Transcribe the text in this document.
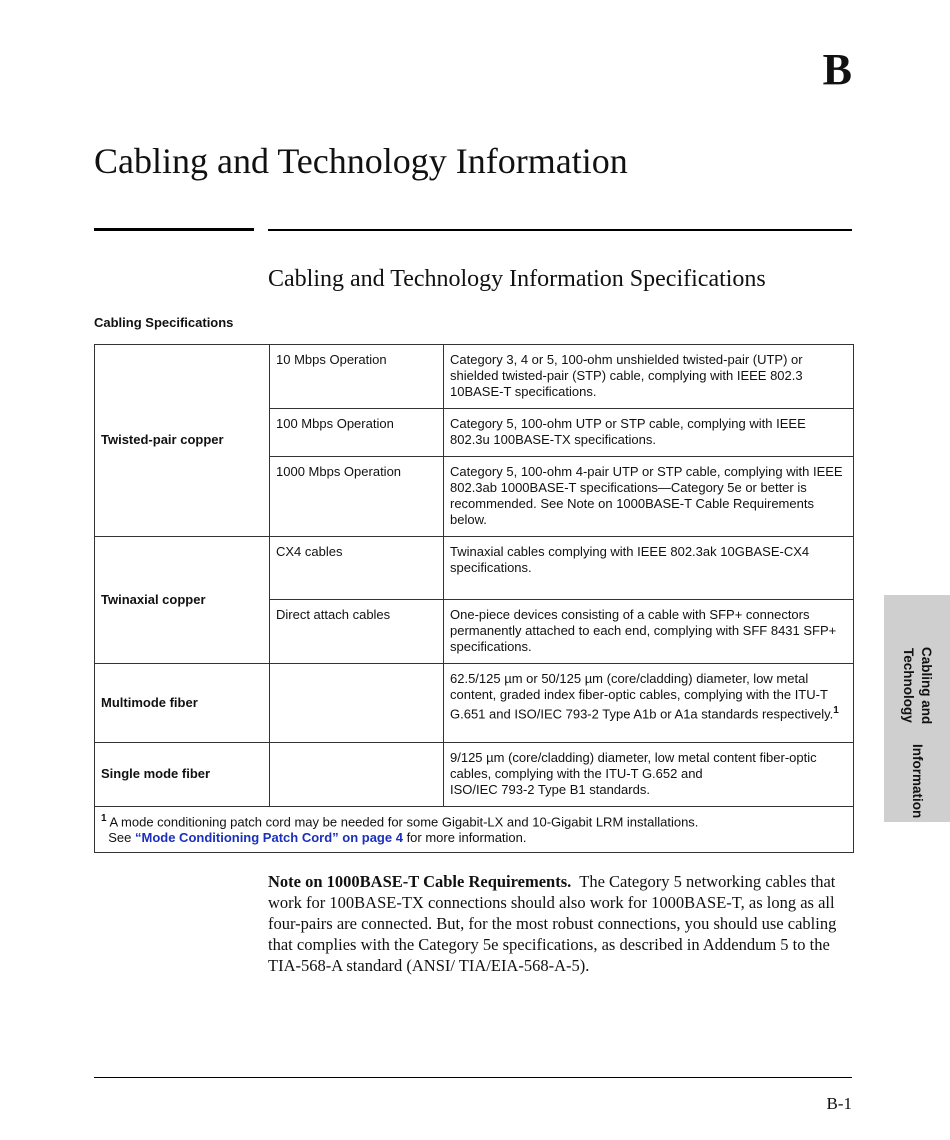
B
Cabling and Technology Information
Cabling and Technology Information Specifications
Cabling Specifications
Twisted-pair copper	10 Mbps Operation	Category 3, 4 or 5, 100-ohm unshielded twisted-pair (UTP) or shielded twisted-pair (STP) cable, complying with IEEE 802.3 10BASE-T specifications.
	100 Mbps Operation	Category 5, 100-ohm UTP or STP cable, complying with IEEE 802.3u 100BASE-TX specifications.
	1000 Mbps Operation	Category 5, 100-ohm 4-pair UTP or STP cable, complying with IEEE 802.3ab 1000BASE-T specifications—Category 5e or better is recommended. See Note on 1000BASE-T Cable Requirements below.
Twinaxial copper	CX4 cables	Twinaxial cables complying with IEEE 802.3ak 10GBASE-CX4 specifications.
	Direct attach cables	One-piece devices consisting of a cable with SFP+ connectors permanently attached to each end, complying with SFF 8431 SFP+ specifications.
Multimode fiber		62.5/125 µm or 50/125 µm (core/cladding) diameter, low metal content, graded index fiber-optic cables, complying with the ITU-T G.651 and ISO/IEC 793-2 Type A1b or A1a standards respectively.$^1$
Single mode fiber		9/125 µm (core/cladding) diameter, low metal content fiber-optic cables, complying with the ITU-T G.652 and
ISO/IEC 793-2 Type B1 standards.
$^1$ A mode conditioning patch cord may be needed for some Gigabit-LX and 10-Gigabit LRM installations.
See “Mode Conditioning Patch Cord” on page 4 for more information.		

Note on 1000BASE-T Cable Requirements. The Category 5 networking cables that work for 100BASE-TX connections should also work for 1000BASE-T, as long as all four-pairs are connected. But, for the most robust connections, you should use cabling that complies with the Category 5e specifications, as described in Addendum 5 to the TIA-568-A standard (ANSI/ TIA/EIA-568-A-5).

Cabling and Technology
Information
B-1
